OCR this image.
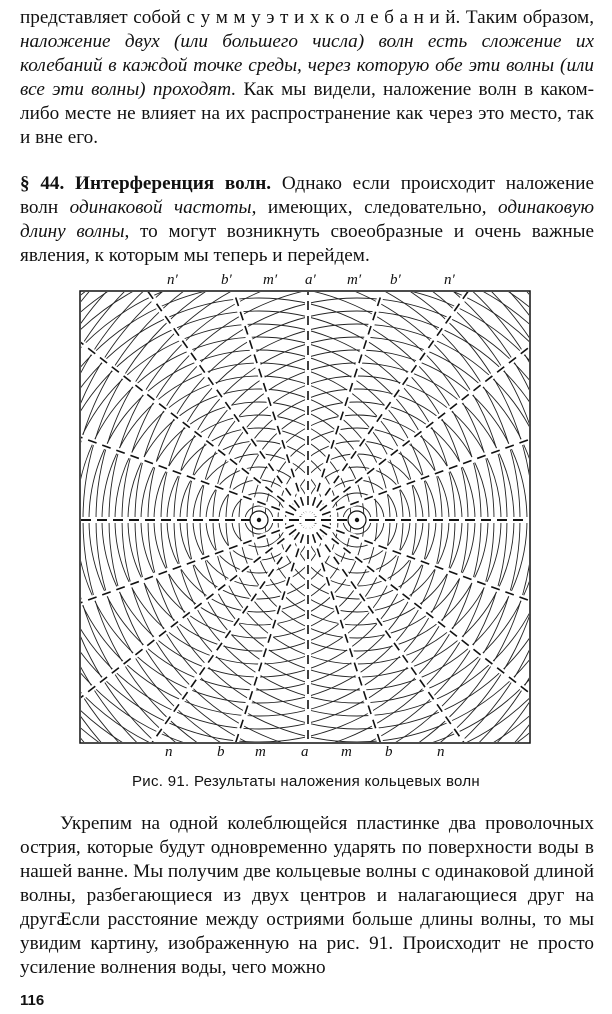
представляет собой с у м м у э т и х к о л е б а н и й. Таким образом, наложение двух (или большего числа) волн есть сложение их колебаний в каждой точке среды, через которую обе эти волны (или все эти волны) проходят. Как мы видели, наложение волн в каком-либо месте не влияет на их распространение как через это место, так и вне его.

§ 44. Интерференция волн. Однако если происходит наложение волн одинаковой частоты, имеющих, следовательно, одинаковую длину волны, то могут возникнуть своеобразные и очень важные явления, к которым мы теперь и перейдем.

Рис. 91. Результаты наложения кольцевых волн

Укрепим на одной колеблющейся пластинке два проволочных острия, которые будут одновременно ударять по поверхности воды в нашей ванне. Мы получим две кольцевые волны с одинаковой длиной волны, разбегающиеся из двух центров и налагающиеся друг на друга.

Если расстояние между остриями больше длины волны, то мы увидим картину, изображенную на рис. 91. Происходит не просто усиление волнения воды, чего можно

116
n′	b′ m′ a′ m′ b′	n′
n	b m a m b	n
